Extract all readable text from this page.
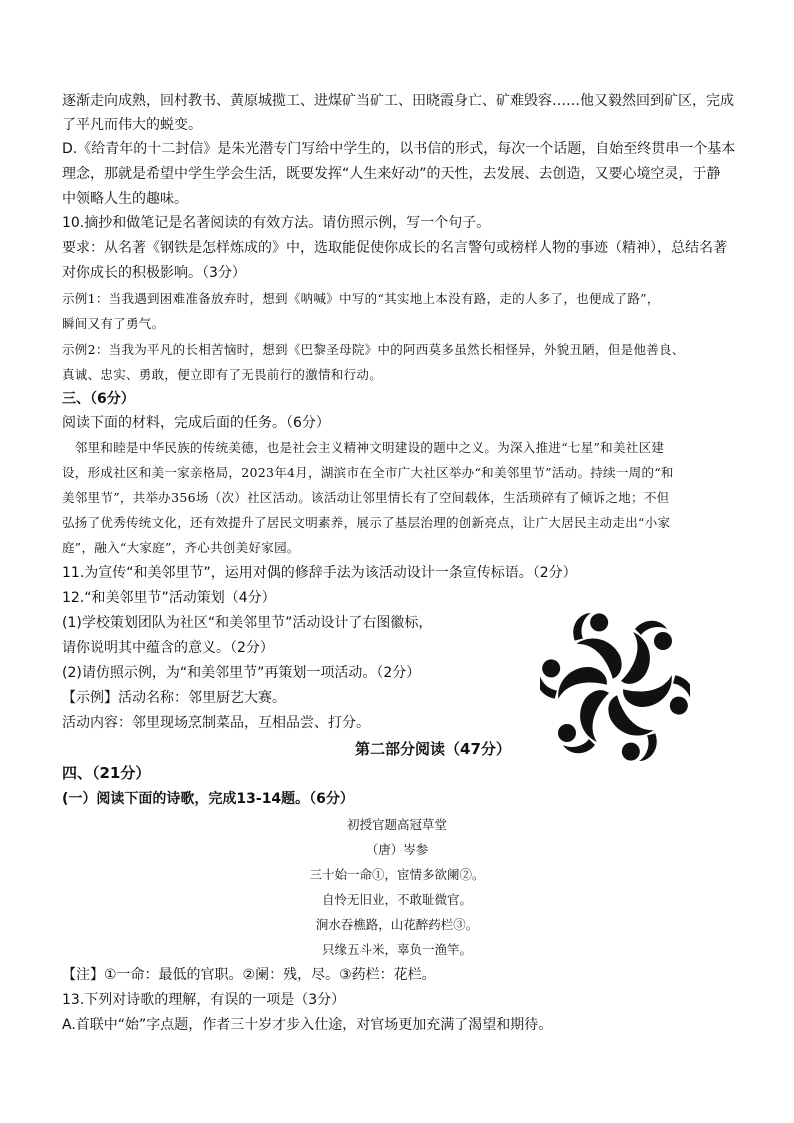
逐渐走向成熟，回村教书、黄原城揽工、进煤矿当矿工、田晓霞身亡、矿难毁容……他又毅然回到矿区，完成
了平凡而伟大的蜕变。
D.《给青年的十二封信》是朱光潜专门写给中学生的，以书信的形式，每次一个话题，自始至终贯串一个基本
理念，那就是希望中学生学会生活，既要发挥“人生来好动”的天性，去发展、去创造，又要心境空灵，于静
中领略人生的趣味。
10.摘抄和做笔记是名著阅读的有效方法。请仿照示例，写一个句子。
要求：从名著《钢铁是怎样炼成的》中，选取能促使你成长的名言警句或榜样人物的事迹（精神），总结名著
对你成长的积极影响。（3分）
示例1：当我遇到困难准备放弃时，想到《呐喊》中写的“其实地上本没有路，走的人多了，也便成了路”，
瞬间又有了勇气。
示例2：当我为平凡的长相苦恼时，想到《巴黎圣母院》中的阿西莫多虽然长相怪异，外貌丑陋，但是他善良、
真诚、忠实、勇敢，便立即有了无畏前行的激情和行动。
三、（6分）
阅读下面的材料，完成后面的任务。（6分）
　邻里和睦是中华民族的传统美德，也是社会主义精神文明建设的题中之义。为深入推进“七星”和美社区建
设，形成社区和美一家亲格局，2023年4月，湖滨市在全市广大社区举办“和美邻里节”活动。持续一周的“和
美邻里节”，共举办356场（次）社区活动。该活动让邻里情长有了空间载体，生活琐碎有了倾诉之地；不但
弘扬了优秀传统文化，还有效提升了居民文明素养，展示了基层治理的创新亮点，让广大居民主动走出“小家
庭”，融入“大家庭”，齐心共创美好家园。
11.为宣传“和美邻里节”，运用对偶的修辞手法为该活动设计一条宣传标语。（2分）
12.“和美邻里节”活动策划（4分）
(1)学校策划团队为社区“和美邻里节”活动设计了右图徽标，
请你说明其中蕴含的意义。（2分）
(2)请仿照示例，为“和美邻里节”再策划一项活动。（2分）
【示例】活动名称：邻里厨艺大赛。
活动内容：邻里现场烹制菜品，互相品尝、打分。
第二部分阅读（47分）
四、（21分）
(一）阅读下面的诗歌，完成13-14题。（6分）
初授官题高冠草堂
（唐）岑参
三十始一命①，宦情多欲阑②。
自怜无旧业，不敢耻微官。
涧水吞樵路，山花醉药栏③。
只缘五斗米，辜负一渔竿。
【注】①一命：最低的官职。②阑：残，尽。③药栏：花栏。
13.下列对诗歌的理解，有误的一项是（3分）
A.首联中“始”字点题，作者三十岁才步入仕途，对官场更加充满了渴望和期待。
